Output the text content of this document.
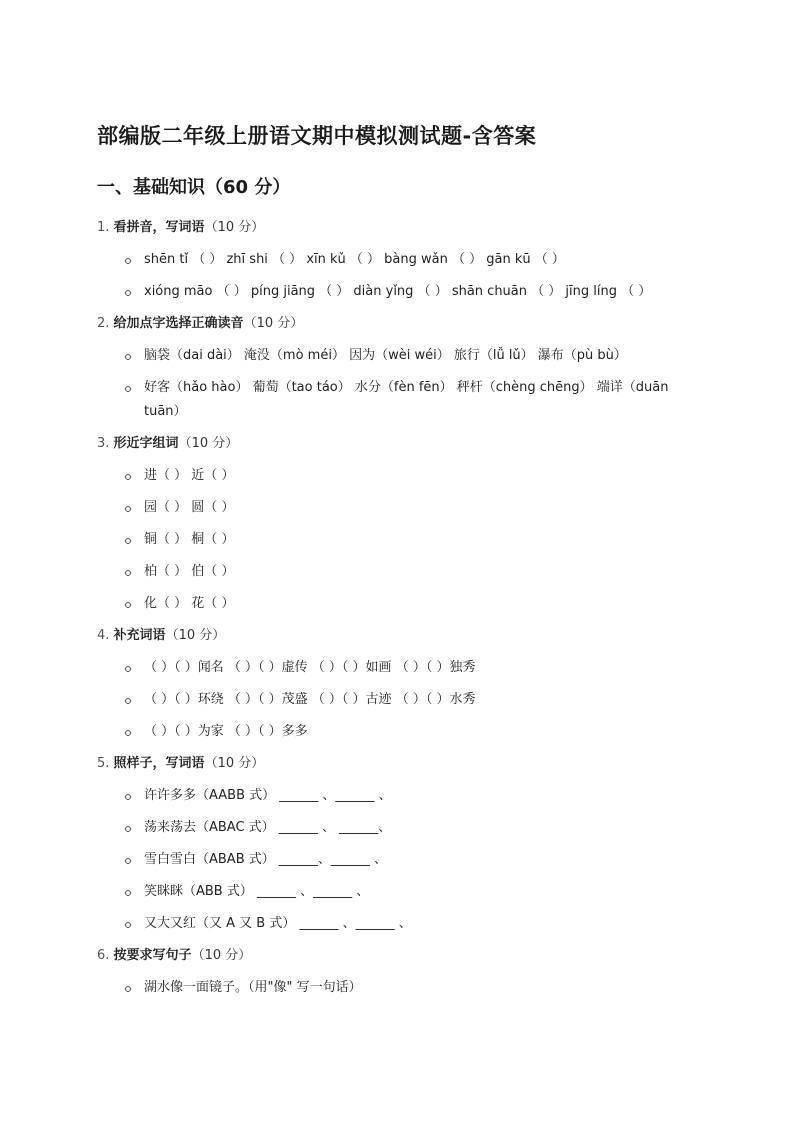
部编版二年级上册语文期中模拟测试题-含答案
一、基础知识（60 分）
1. 看拼音，写词语（10 分）
shēn tǐ （ ） zhī shi （ ） xīn kǔ （ ） bàng wǎn （ ） gān kū （ ）
xióng māo （ ） píng jiāng （ ） diàn yǐng （ ） shān chuān （ ） jīng líng （ ）
2. 给加点字选择正确读音（10 分）
脑袋（dai dài） 淹没（mò méi） 因为（wèi wéi） 旅行（lǚ lǔ） 瀑布（pù bù）
好客（hǎo hào） 葡萄（tao táo） 水分（fèn fēn） 秤杆（chèng chēng） 端详（duān tuān）
3. 形近字组词（10 分）
进（ ） 近（ ）
园（ ） 圆（ ）
铜（ ） 桐（ ）
柏（ ） 伯（ ）
化（ ） 花（ ）
4. 补充词语（10 分）
（ ）（ ）闻名 （ ）（ ）虚传 （ ）（ ）如画 （ ）（ ）独秀
（ ）（ ）环绕 （ ）（ ）茂盛 （ ）（ ）古迹 （ ）（ ）水秀
（ ）（ ）为家 （ ）（ ）多多
5. 照样子，写词语（10 分）
许许多多（AABB 式） ______ 、______ 、
荡来荡去（ABAC 式） ______ 、 ______、
雪白雪白（ABAB 式） ______、______ 、
笑眯眯（ABB 式） ______ 、______ 、
又大又红（又 A 又 B 式） ______ 、______ 、
6. 按要求写句子（10 分）
湖水像一面镜子。（用"像" 写一句话）
